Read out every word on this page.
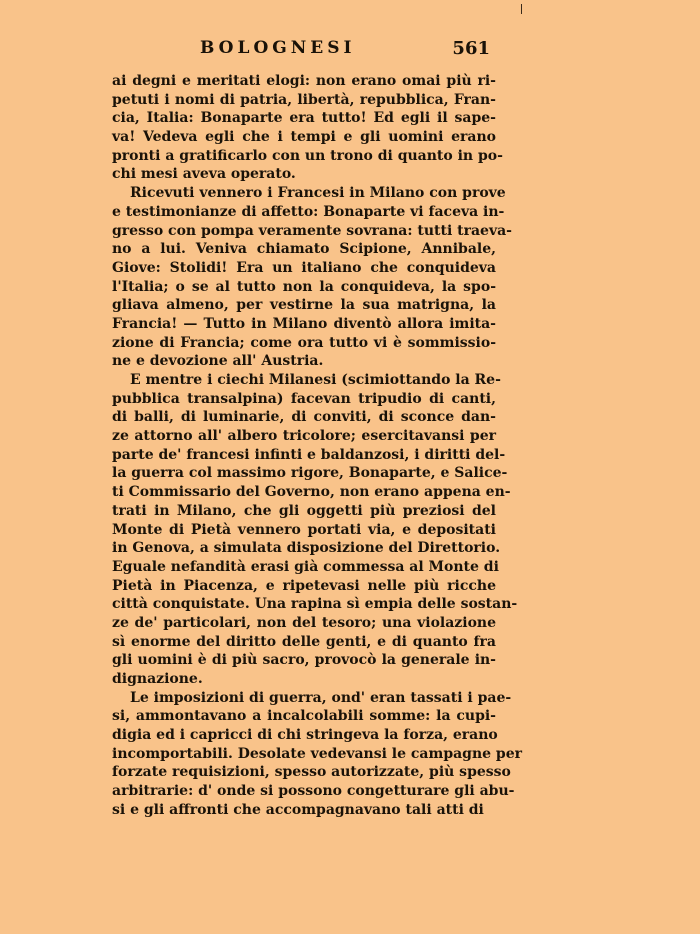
BOLOGNESI	561

ai degni e meritati elogi: non erano omai più ri-
petuti i nomi di patria, libertà, repubblica, Fran-
cia, Italia: Bonaparte era tutto! Ed egli il sape-
va! Vedeva egli che i tempi e gli uomini erano
pronti a gratificarlo con un trono di quanto in po-
chi mesi aveva operato.

Ricevuti vennero i Francesi in Milano con prove
e testimonianze di affetto: Bonaparte vi faceva in-
gresso con pompa veramente sovrana: tutti traeva-
no a lui. Veniva chiamato Scipione, Annibale,
Giove: Stolidi! Era un italiano che conquideva
l'Italia; o se al tutto non la conquideva, la spo-
gliava almeno, per vestirne la sua matrigna, la
Francia! — Tutto in Milano diventò allora imita-
zione di Francia; come ora tutto vi è sommissio-
ne e devozione all' Austria.

E mentre i ciechi Milanesi (scimiottando la Re-
pubblica transalpina) facevan tripudio di canti,
di balli, di luminarie, di conviti, di sconce dan-
ze attorno all' albero tricolore; esercitavansi per
parte de' francesi infinti e baldanzosi, i diritti del-
la guerra col massimo rigore, Bonaparte, e Salice-
ti Commissario del Governo, non erano appena en-
trati in Milano, che gli oggetti più preziosi del
Monte di Pietà vennero portati via, e depositati
in Genova, a simulata disposizione del Direttorio.
Eguale nefandità erasi già commessa al Monte di
Pietà in Piacenza, e ripetevasi nelle più ricche
città conquistate. Una rapina sì empia delle sostan-
ze de' particolari, non del tesoro; una violazione
sì enorme del diritto delle genti, e di quanto fra
gli uomini è di più sacro, provocò la generale in-
dignazione.

Le imposizioni di guerra, ond' eran tassati i pae-
si, ammontavano a incalcolabili somme: la cupi-
digia ed i capricci di chi stringeva la forza, erano
incomportabili. Desolate vedevansi le campagne per
forzate requisizioni, spesso autorizzate, più spesso
arbitrarie: d' onde si possono congetturare gli abu-
si e gli affronti che accompagnavano tali atti di
